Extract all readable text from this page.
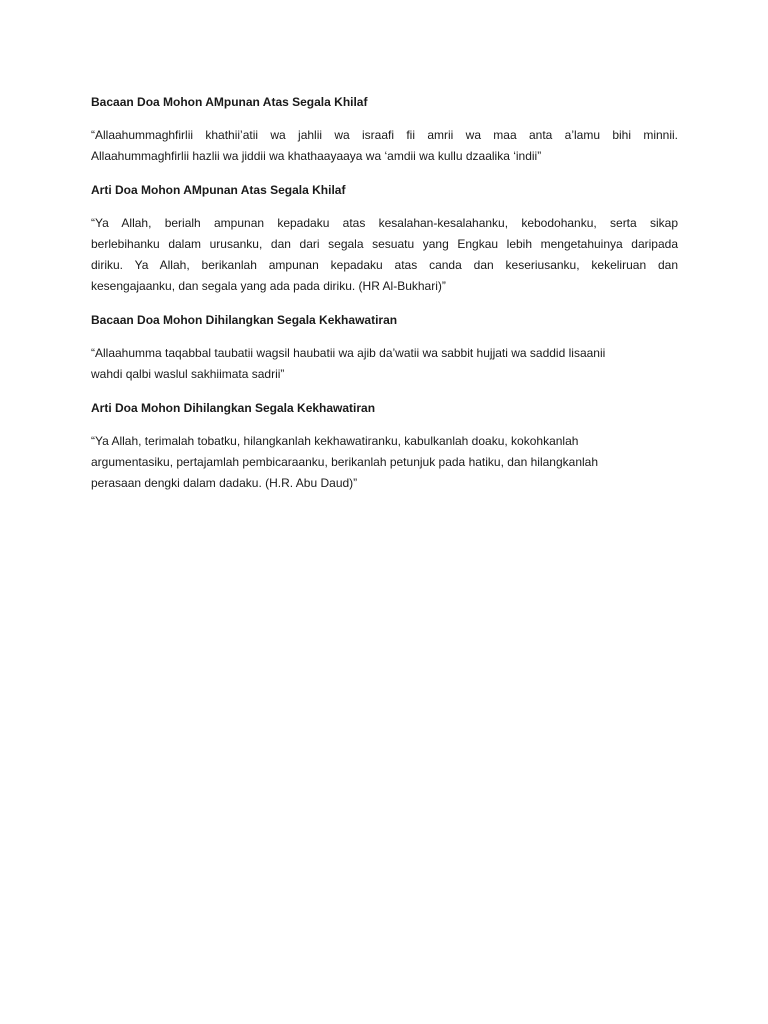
Bacaan Doa Mohon AMpunan Atas Segala Khilaf
“Allaahummaghfirlii khathii’atii wa jahlii wa israafi fii amrii wa maa anta a’lamu bihi minnii.
Allaahummaghfirlii hazlii wa jiddii wa khathaayaaya wa ‘amdii wa kullu dzaalika ‘indii”
Arti Doa Mohon AMpunan Atas Segala Khilaf
“Ya Allah, berialh ampunan kepadaku atas kesalahan-kesalahanku, kebodohanku, serta sikap
berlebihanku dalam urusanku, dan dari segala sesuatu yang Engkau lebih mengetahuinya daripada
diriku. Ya Allah, berikanlah ampunan kepadaku atas canda dan keseriusanku, kekeliruan dan
kesengajaanku, dan segala yang ada pada diriku. (HR Al-Bukhari)”
Bacaan Doa Mohon Dihilangkan Segala Kekhawatiran
“Allaahumma taqabbal taubatii wagsil haubatii wa ajib da’watii wa sabbit hujjati wa saddid lisaanii
wahdi qalbi waslul sakhiimata sadrii”
Arti Doa Mohon Dihilangkan Segala Kekhawatiran
“Ya Allah, terimalah tobatku, hilangkanlah kekhawatiranku, kabulkanlah doaku, kokohkanlah
argumentasiku, pertajamlah pembicaraanku, berikanlah petunjuk pada hatiku, dan hilangkanlah
perasaan dengki dalam dadaku. (H.R. Abu Daud)”
